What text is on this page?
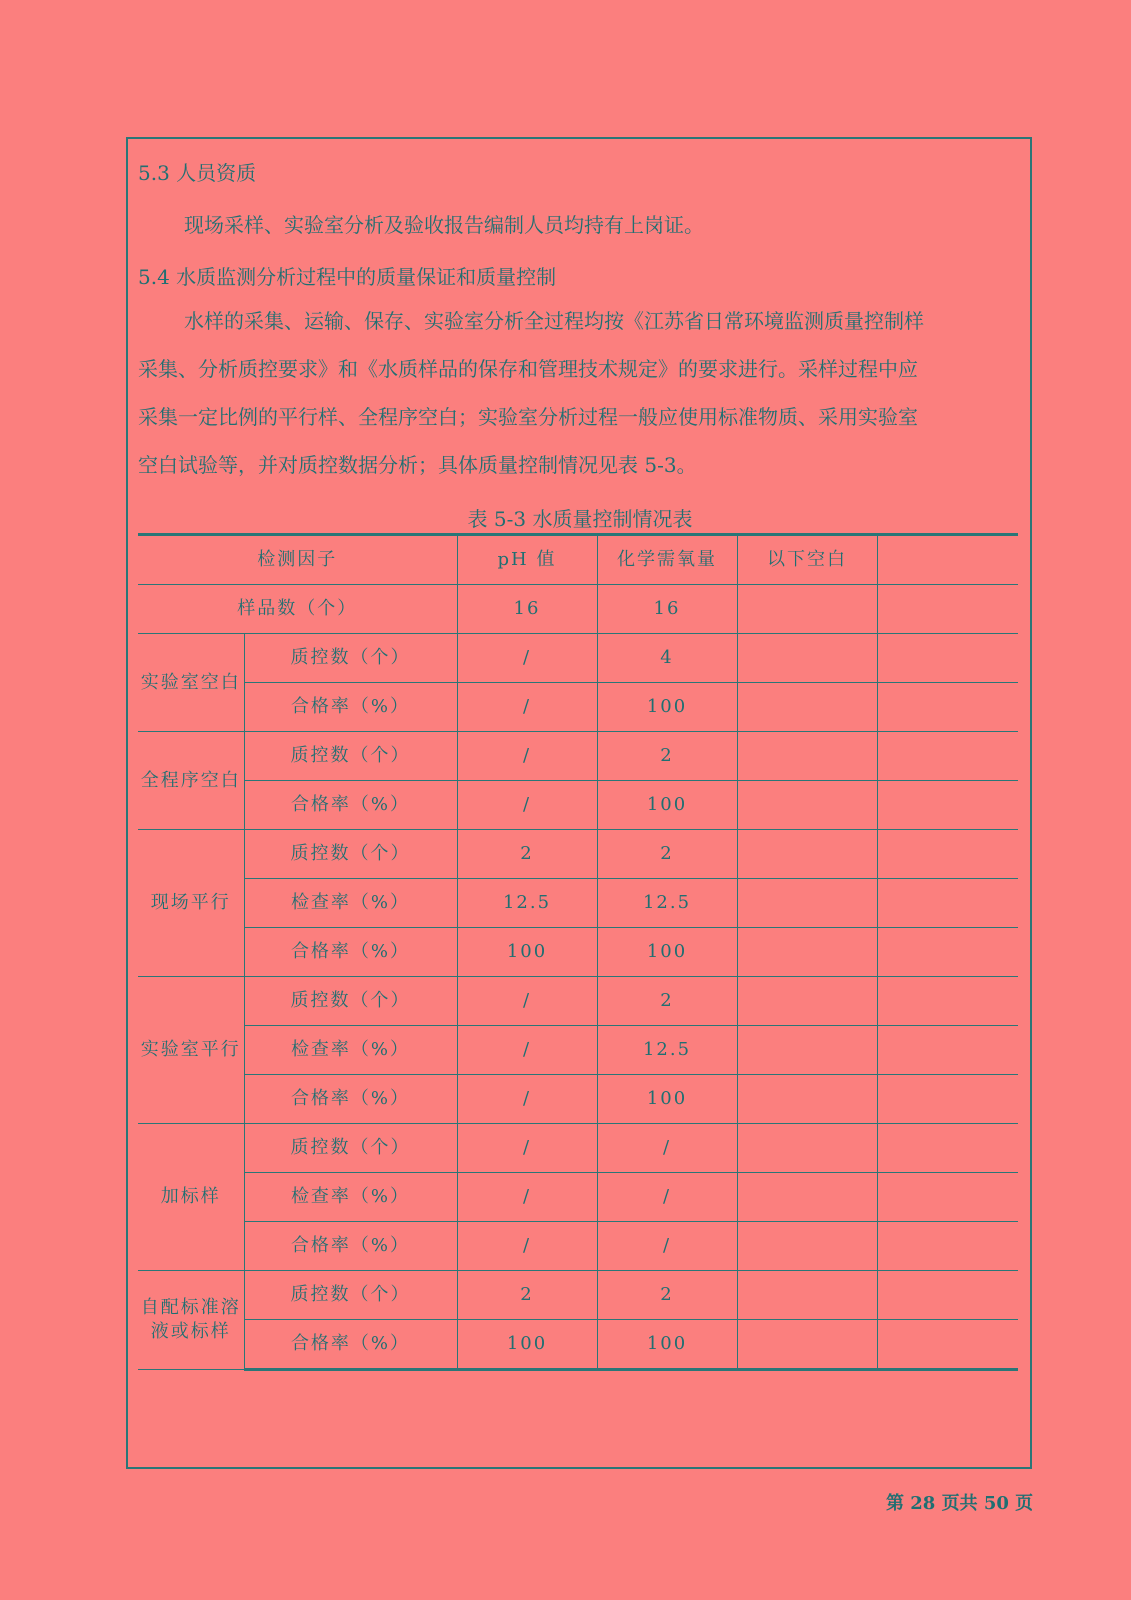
5.3 人员资质
现场采样、实验室分析及验收报告编制人员均持有上岗证。
5.4 水质监测分析过程中的质量保证和质量控制
水样的采集、运输、保存、实验室分析全过程均按《江苏省日常环境监测质量控制样
采集、分析质控要求》和《水质样品的保存和管理技术规定》的要求进行。采样过程中应
采集一定比例的平行样、全程序空白；实验室分析过程一般应使用标准物质、采用实验室
空白试验等，并对质控数据分析；具体质量控制情况见表 5-3。
表 5-3 水质量控制情况表
检测因子		pH 值	化学需氧量	以下空白	
样品数（个）		16	16		
实验室空白	质控数（个）	/	4		
	合格率（%）	/	100		
全程序空白	质控数（个）	/	2		
	合格率（%）	/	100		
现场平行	质控数（个）	2	2		
	检查率（%）	12.5	12.5		
	合格率（%）	100	100		
实验室平行	质控数（个）	/	2		
	检查率（%）	/	12.5		
	合格率（%）	/	100		
加标样	质控数（个）	/	/		
	检查率（%）	/	/		
	合格率（%）	/	/		
自配标准溶液或标样	质控数（个）	2	2		
	合格率（%）	100	100		
第 28 页共 50 页
